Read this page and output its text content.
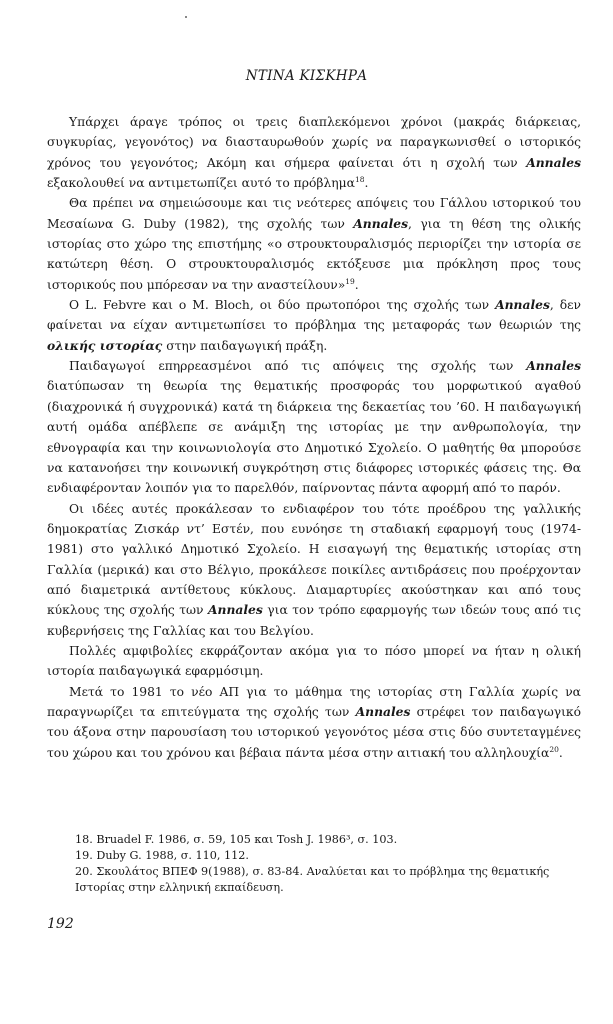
ΝΤΙΝΑ ΚΙΣΚΗΡΑ

Υπάρχει άραγε τρόπος οι τρεις διαπλεκόμενοι χρόνοι (μακράς διάρκειας, συγκυρίας, γεγονότος) να διασταυρωθούν χωρίς να παραγκωνισθεί ο ιστορικός χρόνος του γεγονότος; Ακόμη και σήμερα φαίνεται ότι η σχολή των Annales εξακολουθεί να αντιμετωπίζει αυτό το πρόβλημα$^{18}$.

Θα πρέπει να σημειώσουμε και τις νεότερες απόψεις του Γάλλου ιστορικού του Μεσαίωνα G. Duby (1982), της σχολής των Annales, για τη θέση της ολικής ιστορίας στο χώρο της επιστήμης «ο στρουκτουραλισμός περιορίζει την ιστορία σε κατώτερη θέση. Ο στρουκτουραλισμός εκτόξευσε μια πρόκληση προς τους ιστορικούς που μπόρεσαν να την αναστείλουν»$^{19}$.

Ο L. Febvre και ο M. Bloch, οι δύο πρωτοπόροι της σχολής των Annales, δεν φαίνεται να είχαν αντιμετωπίσει το πρόβλημα της μεταφοράς των θεωριών της ολικής ιστορίας στην παιδαγωγική πράξη.

Παιδαγωγοί επηρρεασμένοι από τις απόψεις της σχολής των Annales διατύπωσαν τη θεωρία της θεματικής προσφοράς του μορφωτικού αγαθού (διαχρονικά ή συγχρονικά) κατά τη διάρκεια της δεκαετίας του ’60. Η παιδαγωγική αυτή ομάδα απέβλεπε σε ανάμιξη της ιστορίας με την ανθρωπολογία, την εθνογραφία και την κοινωνιολογία στο Δημοτικό Σχολείο. Ο μαθητής θα μπορούσε να κατανοήσει την κοινωνική συγκρότηση στις διάφορες ιστορικές φάσεις της. Θα ενδιαφέρονταν λοιπόν για το παρελθόν, παίρνοντας πάντα αφορμή από το παρόν.

Οι ιδέες αυτές προκάλεσαν το ενδιαφέρον του τότε προέδρου της γαλλικής δημοκρατίας Ζισκάρ ντ’ Εστέν, που ευνόησε τη σταδιακή εφαρμογή τους (1974-1981) στο γαλλικό Δημοτικό Σχολείο. Η εισαγωγή της θεματικής ιστορίας στη Γαλλία (μερικά) και στο Βέλγιο, προκάλεσε ποικίλες αντιδράσεις που προέρχονταν από διαμετρικά αντίθετους κύκλους. Διαμαρτυρίες ακούστηκαν και από τους κύκλους της σχολής των Annales για τον τρόπο εφαρμογής των ιδεών τους από τις κυβερνήσεις της Γαλλίας και του Βελγίου.

Πολλές αμφιβολίες εκφράζονταν ακόμα για το πόσο μπορεί να ήταν η ολική ιστορία παιδαγωγικά εφαρμόσιμη.

Μετά το 1981 το νέο ΑΠ για το μάθημα της ιστορίας στη Γαλλία χωρίς να παραγνωρίζει τα επιτεύγματα της σχολής των Annales στρέφει τον παιδαγωγικό του άξονα στην παρουσίαση του ιστορικού γεγονότος μέσα στις δύο συντεταγμένες του χώρου και του χρόνου και βέβαια πάντα μέσα στην αιτιακή του αλληλουχία$^{20}$.

18. Bruadel F. 1986, σ. 59, 105 και Tosh J. 1986³, σ. 103.
19. Duby G. 1988, σ. 110, 112.
20. Σκουλάτος ΒΠΕΦ 9(1988), σ. 83-84. Αναλύεται και το πρόβλημα της θεματικής Ιστορίας στην ελληνική εκπαίδευση.
192
